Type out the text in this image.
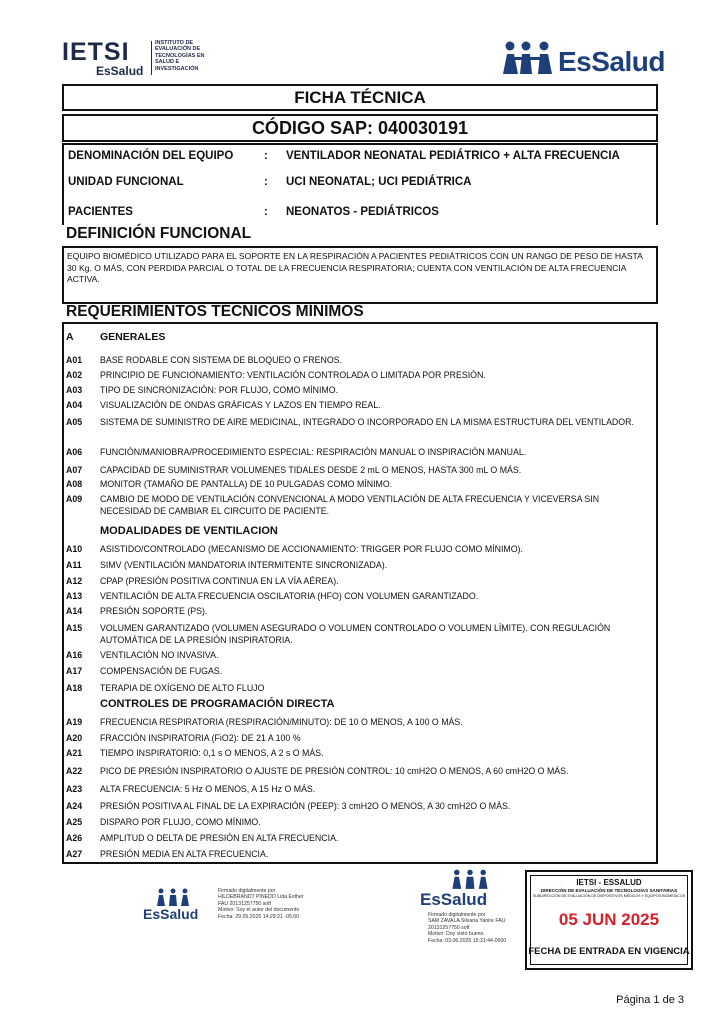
IETSI
EsSalud
INSTITUTO DE
EVALUACIÓN DE
TECNOLOGÍAS EN
SALUD E
INVESTIGACIÓN	EsSalud
FICHA TÉCNICA
CÓDIGO SAP: 040030191
DENOMINACIÓN DEL EQUIPO	: VENTILADOR NEONATAL PEDIÁTRICO + ALTA FRECUENCIA
UNIDAD FUNCIONAL	: UCI NEONATAL; UCI PEDIÁTRICA
PACIENTES	: NEONATOS - PEDIÁTRICOS
DEFINICIÓN FUNCIONAL
EQUIPO BIOMÉDICO UTILIZADO PARA EL SOPORTE EN LA RESPIRACIÓN A PACIENTES PEDIÁTRICOS CON UN RANGO DE PESO DE HASTA 30 Kg. O MÁS, CON PERDIDA PARCIAL O TOTAL DE LA FRECUENCIA RESPIRATORIA; CUENTA CON VENTILACIÓN DE ALTA FRECUENCIA ACTIVA.
REQUERIMIENTOS TÉCNICOS MÍNIMOS
A	GENERALES
A01	BASE RODABLE CON SISTEMA DE BLOQUEO O FRENOS.
A02	PRINCIPIO DE FUNCIONAMIENTO: VENTILACIÓN CONTROLADA O LIMITADA POR PRESIÓN.
A03	TIPO DE SINCRONIZACIÓN: POR FLUJO, COMO MÍNIMO.
A04	VISUALIZACIÓN DE ONDAS GRÁFICAS Y LAZOS EN TIEMPO REAL.
A05	SISTEMA DE SUMINISTRO DE AIRE MEDICINAL, INTEGRADO O INCORPORADO EN LA MISMA ESTRUCTURA DEL VENTILADOR.
A06	FUNCIÓN/MANIOBRA/PROCEDIMIENTO ESPECIAL: RESPIRACIÓN MANUAL O INSPIRACIÓN MANUAL.
A07	CAPACIDAD DE SUMINISTRAR VOLUMENES TIDALES DESDE 2 mL O MENOS, HASTA 300 mL O MÁS.
A08	MONITOR (TAMAÑO DE PANTALLA) DE 10 PULGADAS COMO MÍNIMO.
A09	CAMBIO DE MODO DE VENTILACIÓN CONVENCIONAL A MODO VENTILACIÓN DE ALTA FRECUENCIA Y VICEVERSA SIN NECESIDAD DE CAMBIAR EL CIRCUITO DE PACIENTE.
MODALIDADES DE VENTILACION
A10	ASISTIDO/CONTROLADO (MECANISMO DE ACCIONAMIENTO: TRIGGER POR FLUJO COMO MÍNIMO).
A11	SIMV (VENTILACIÓN MANDATORIA INTERMITENTE SINCRONIZADA).
A12	CPAP (PRESIÓN POSITIVA CONTINUA EN LA VÍA AÉREA).
A13	VENTILACIÓN DE ALTA FRECUENCIA OSCILATORIA (HFO) CON VOLUMEN GARANTIZADO.
A14	PRESIÓN SOPORTE (PS).
A15	VOLUMEN GARANTIZADO (VOLUMEN ASEGURADO O VOLUMEN CONTROLADO O VOLUMEN LÍMITE). CON REGULACIÓN AUTOMÁTICA DE LA PRESIÓN INSPIRATORIA.
A16	VENTILACIÓN NO INVASIVA.
A17	COMPENSACIÓN DE FUGAS.
A18	TERAPIA DE OXÍGENO DE ALTO FLUJO
CONTROLES DE PROGRAMACIÓN DIRECTA
A19	FRECUENCIA RESPIRATORIA (RESPIRACIÓN/MINUTO): DE 10 O MENOS, A 100 O MÁS.
A20	FRACCIÓN INSPIRATORIA (FiO2): DE 21 A 100 %
A21	TIEMPO INSPIRATORIO: 0,1 s O MENOS, A 2 s O MÁS.
A22	PICO DE PRESIÓN INSPIRATORIO O AJUSTE DE PRESIÓN CONTROL: 10 cmH2O O MENOS, A 60 cmH2O O MÁS.
A23	ALTA FRECUENCIA: 5 Hz O MENOS, A 15 Hz O MÁS.
A24	PRESIÓN POSITIVA AL FINAL DE LA EXPIRACIÓN (PEEP): 3 cmH2O O MENOS, A 30 cmH2O O MÁS.
A25	DISPARO POR FLUJO, COMO MÍNIMO.
A26	AMPLITUD O DELTA DE PRESIÓN EN ALTA FRECUENCIA.
A27	PRESIÓN MEDIA EN ALTA FRECUENCIA.
EsSalud
Firmado digitalmente por
HILDEBRANDT PINEDO Lida Esther
FAU 20131257750 soft
Motivo: Soy el autor del documento
Fecha: 29.05.2025 14:29:21 -05:00
EsSalud
Firmado digitalmente por
SAM ZAVALA Silvana Yanire FAU
20131257750 soft
Motivo: Doy visto bueno.
Fecha: 03.06.2025 15:31:44-0500
IETSI - ESSALUD
DIRECCIÓN DE EVALUACIÓN DE TECNOLOGÍAS SANITARIAS
SUBDIRECCIÓN DE EVALUACIÓN DE DISPOSITIVOS MÉDICOS Y EQUIPOS BIOMÉDICOS
05 JUN 2025
FECHA DE ENTRADA EN VIGENCIA
Página 1 de 3
